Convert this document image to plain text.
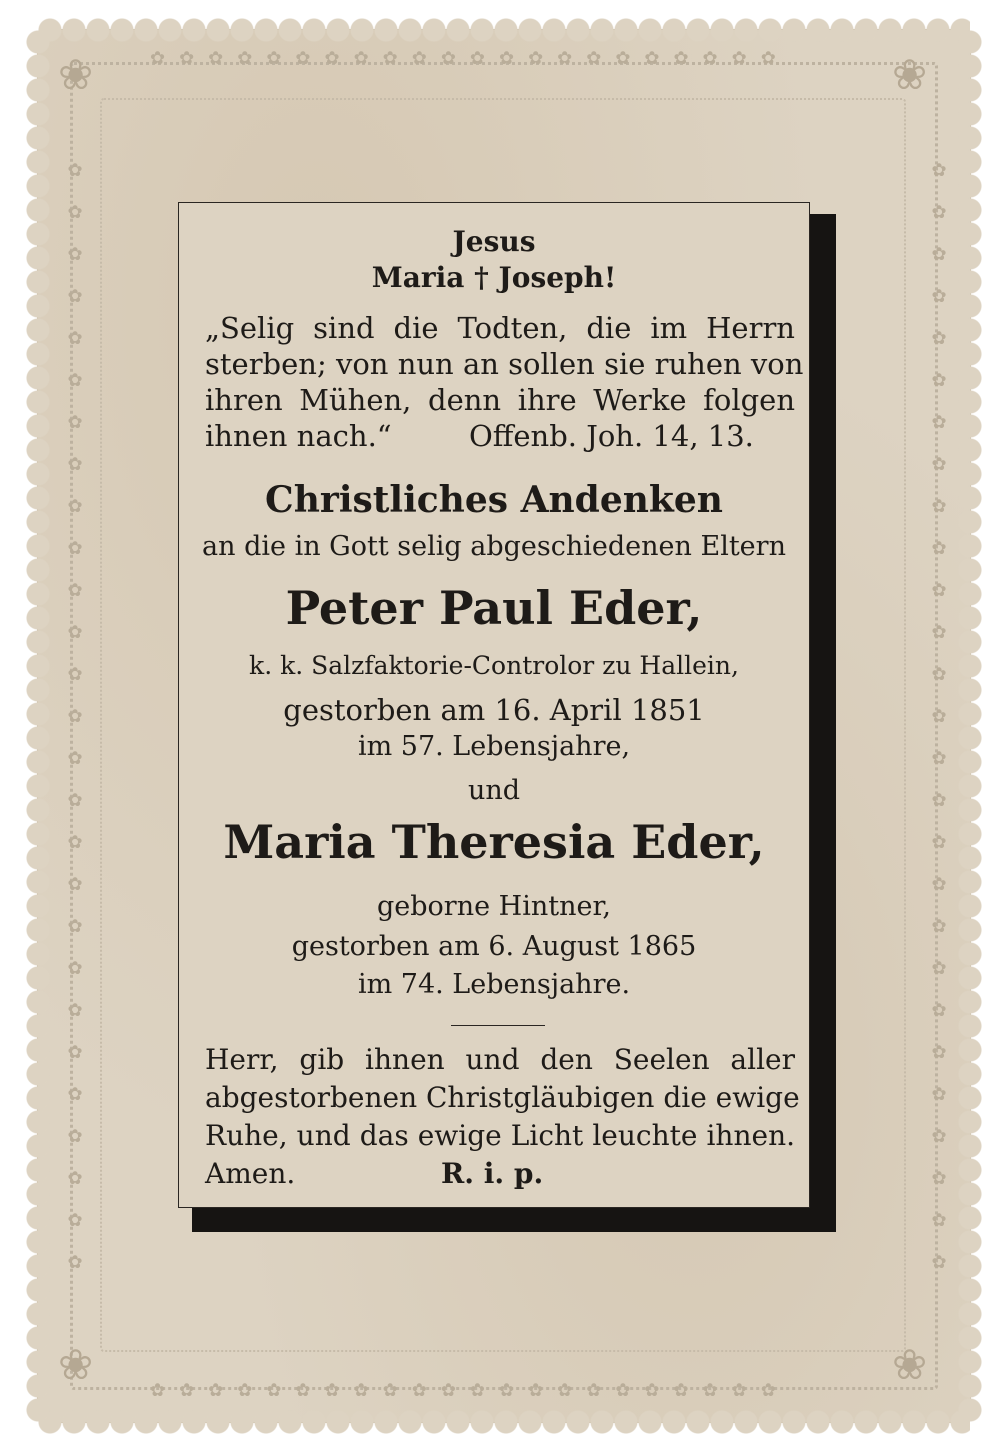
✿✿✿✿✿✿✿✿✿✿✿✿✿✿✿✿✿✿✿✿✿✿
✿✿✿✿✿✿✿✿✿✿✿✿✿✿✿✿✿✿✿✿✿✿
✿ ✿ ✿ ✿ ✿ ✿ ✿ ✿ ✿ ✿ ✿ ✿ ✿ ✿ ✿ ✿ ✿ ✿ ✿ ✿ ✿ ✿ ✿ ✿ ✿ ✿ ✿
✿ ✿ ✿ ✿ ✿ ✿ ✿ ✿ ✿ ✿ ✿ ✿ ✿ ✿ ✿ ✿ ✿ ✿ ✿ ✿ ✿ ✿ ✿ ✿ ✿ ✿ ✿
❀	❀
❀	❀
Jesus
Maria † Joseph!
„Selig sind die Todten, die im Herrn
sterben; von nun an sollen sie ruhen von
ihren Mühen, denn ihre Werke folgen
ihnen nach.“	Offenb. Joh. 14, 13.
Christliches Andenken
an die in Gott selig abgeschiedenen Eltern
Peter Paul Eder,
k. k. Salzfaktorie-Controlor zu Hallein,
gestorben am 16. April 1851
im 57. Lebensjahre,
und
Maria Theresia Eder,
geborne Hintner,
gestorben am 6. August 1865
im 74. Lebensjahre.
Herr, gib ihnen und den Seelen aller
abgestorbenen Christgläubigen die ewige
Ruhe, und das ewige Licht leuchte ihnen.
Amen.	R. i. p.
